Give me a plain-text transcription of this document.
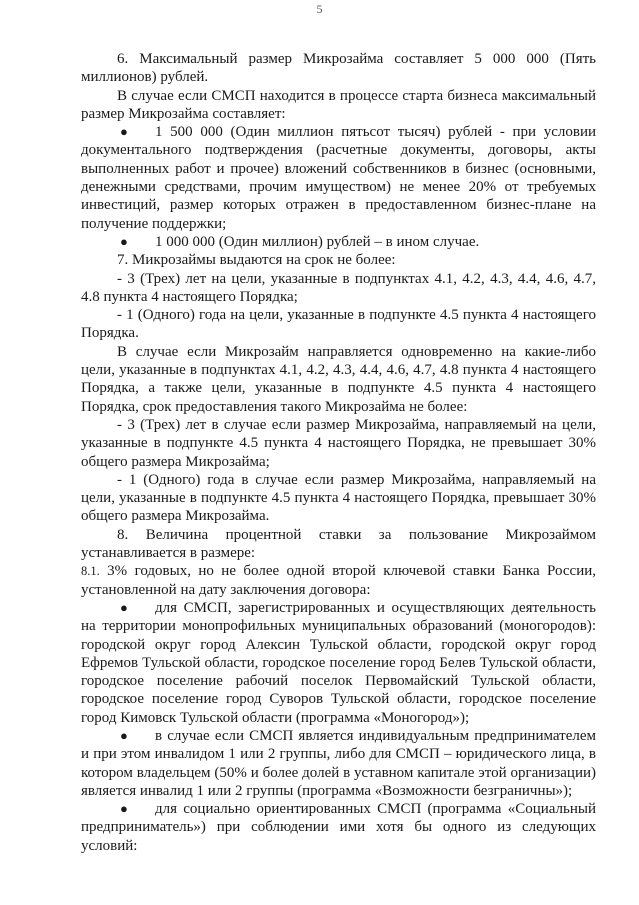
5

6. Максимальный размер Микрозайма составляет 5 000 000 (Пять миллионов) рублей.

В случае если СМСП находится в процессе старта бизнеса максимальный размер Микрозайма составляет:

●	1 500 000 (Один миллион пятьсот тысяч) рублей - при условии документального подтверждения (расчетные документы, договоры, акты выполненных работ и прочее) вложений собственников в бизнес (основными, денежными средствами, прочим имуществом) не менее 20% от требуемых инвестиций, размер которых отражен в предоставленном бизнес-плане на получение поддержки;

●	1 000 000 (Один миллион) рублей – в ином случае.

7. Микрозаймы выдаются на срок не более:

- 3 (Трех) лет на цели, указанные в подпунктах 4.1, 4.2, 4.3, 4.4, 4.6, 4.7, 4.8 пункта 4 настоящего Порядка;

- 1 (Одного) года на цели, указанные в подпункте 4.5 пункта 4 настоящего Порядка.

В случае если Микрозайм направляется одновременно на какие-либо цели, указанные в подпунктах 4.1, 4.2, 4.3, 4.4, 4.6, 4.7, 4.8 пункта 4 настоящего Порядка, а также цели, указанные в подпункте 4.5 пункта 4 настоящего Порядка, срок предоставления такого Микрозайма не более:

- 3 (Трех) лет в случае если размер Микрозайма, направляемый на цели, указанные в подпункте 4.5 пункта 4 настоящего Порядка, не превышает 30% общего размера Микрозайма;

- 1 (Одного) года в случае если размер Микрозайма, направляемый на цели, указанные в подпункте 4.5 пункта 4 настоящего Порядка, превышает 30% общего размера Микрозайма.

8. Величина процентной ставки за пользование Микрозаймом устанавливается в размере:

8.1. 3% годовых, но не более одной второй ключевой ставки Банка России, установленной на дату заключения договора:

●	для СМСП, зарегистрированных и осуществляющих деятельность на территории монопрофильных муниципальных образований (моногородов): городской округ город Алексин Тульской области, городской округ город Ефремов Тульской области, городское поселение город Белев Тульской области, городское поселение рабочий поселок Первомайский Тульской области, городское поселение город Суворов Тульской области, городское поселение город Кимовск Тульской области (программа «Моногород»);

●	в случае если СМСП является индивидуальным предпринимателем и при этом инвалидом 1 или 2 группы, либо для СМСП – юридического лица, в котором владельцем (50% и более долей в уставном капитале этой организации) является инвалид 1 или 2 группы (программа «Возможности безграничны»);

●	для социально ориентированных СМСП (программа «Социальный предприниматель») при соблюдении ими хотя бы одного из следующих условий:
